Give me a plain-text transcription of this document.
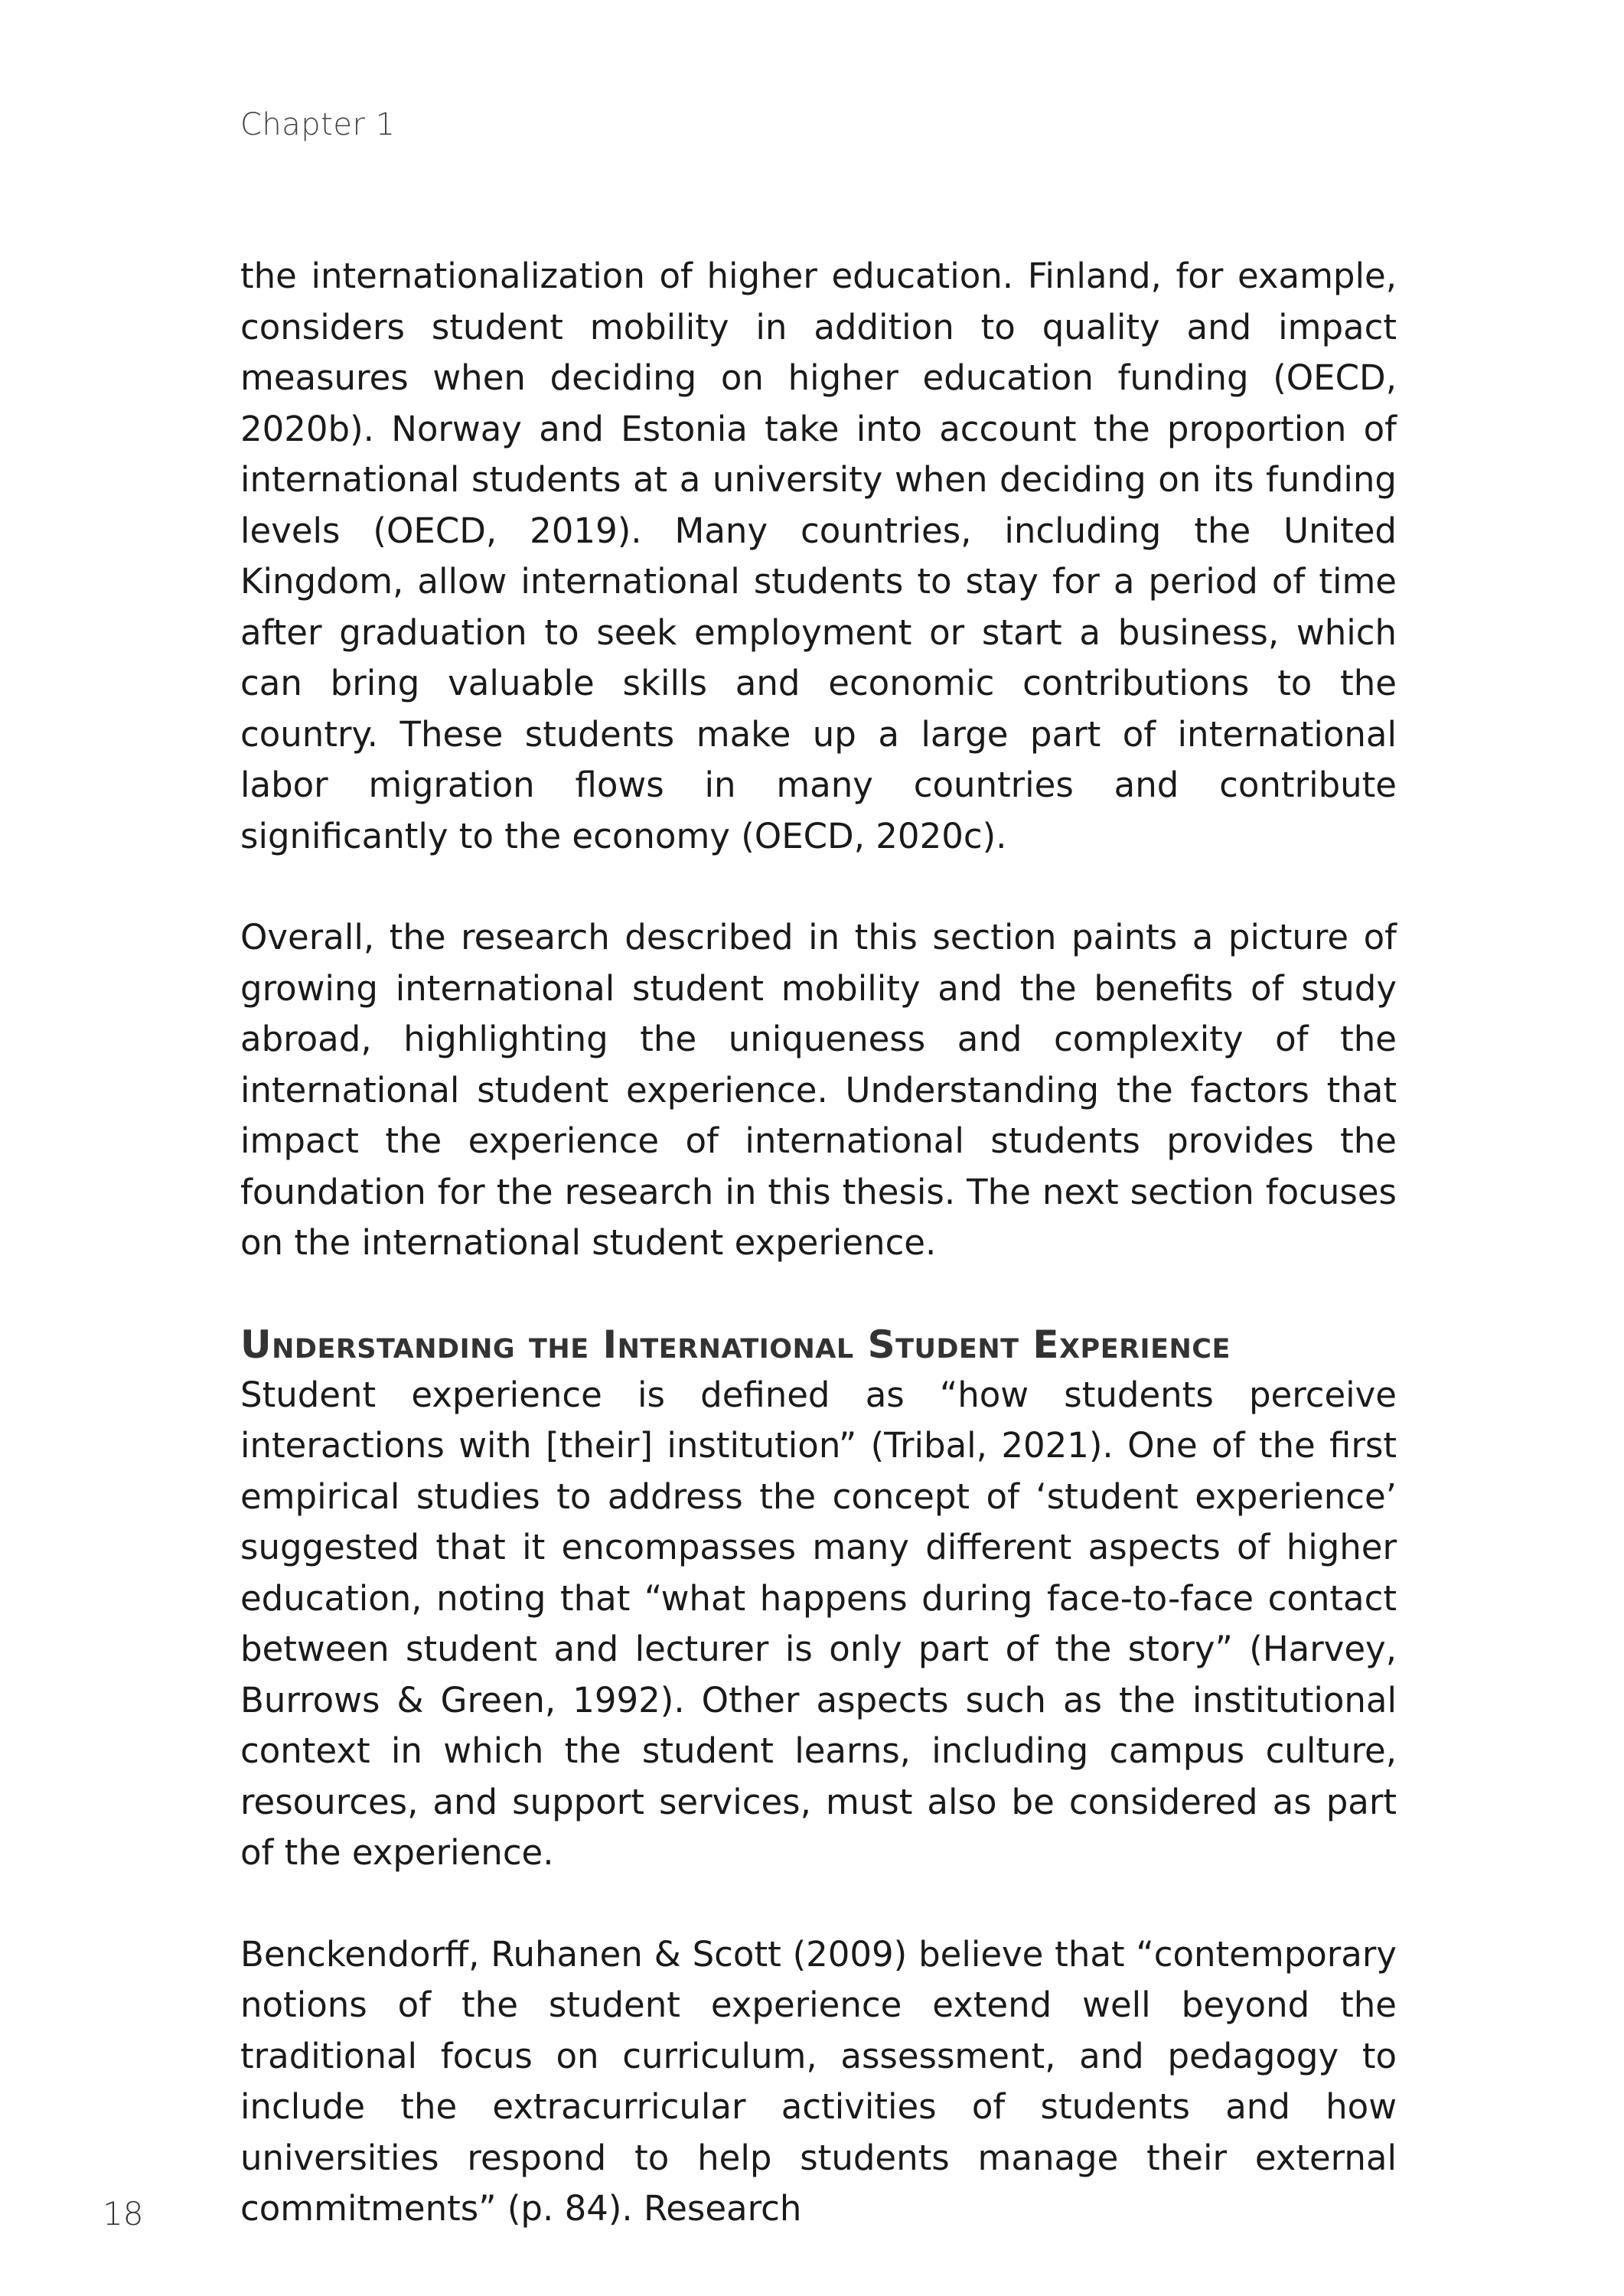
Chapter 1

the internationalization of higher education. Finland, for example, considers student mobility in addition to quality and impact measures when deciding on higher education funding (OECD, 2020b). Norway and Estonia take into account the proportion of international students at a university when deciding on its funding levels (OECD, 2019). Many countries, including the United Kingdom, allow international students to stay for a period of time after graduation to seek employment or start a business, which can bring valuable skills and economic contributions to the country. These students make up a large part of international labor migration flows in many countries and contribute significantly to the economy (OECD, 2020c).

Overall, the research described in this section paints a picture of growing international student mobility and the benefits of study abroad, highlighting the uniqueness and complexity of the international student experience. Understanding the factors that impact the experience of international students provides the foundation for the research in this thesis. The next section focuses on the international student experience.

Understanding the International Student Experience

Student experience is defined as “how students perceive interactions with [their] institution” (Tribal, 2021). One of the first empirical studies to address the concept of ‘student experience’ suggested that it encompasses many different aspects of higher education, noting that “what happens during face-to-face contact between student and lecturer is only part of the story” (Harvey, Burrows & Green, 1992). Other aspects such as the institutional context in which the student learns, including campus culture, resources, and support services, must also be considered as part of the experience.

Benckendorff, Ruhanen & Scott (2009) believe that “contemporary notions of the student experience extend well beyond the traditional focus on curriculum, assessment, and pedagogy to include the extracurricular activities of students and how universities respond to help students manage their external commitments” (p. 84). Research

18
